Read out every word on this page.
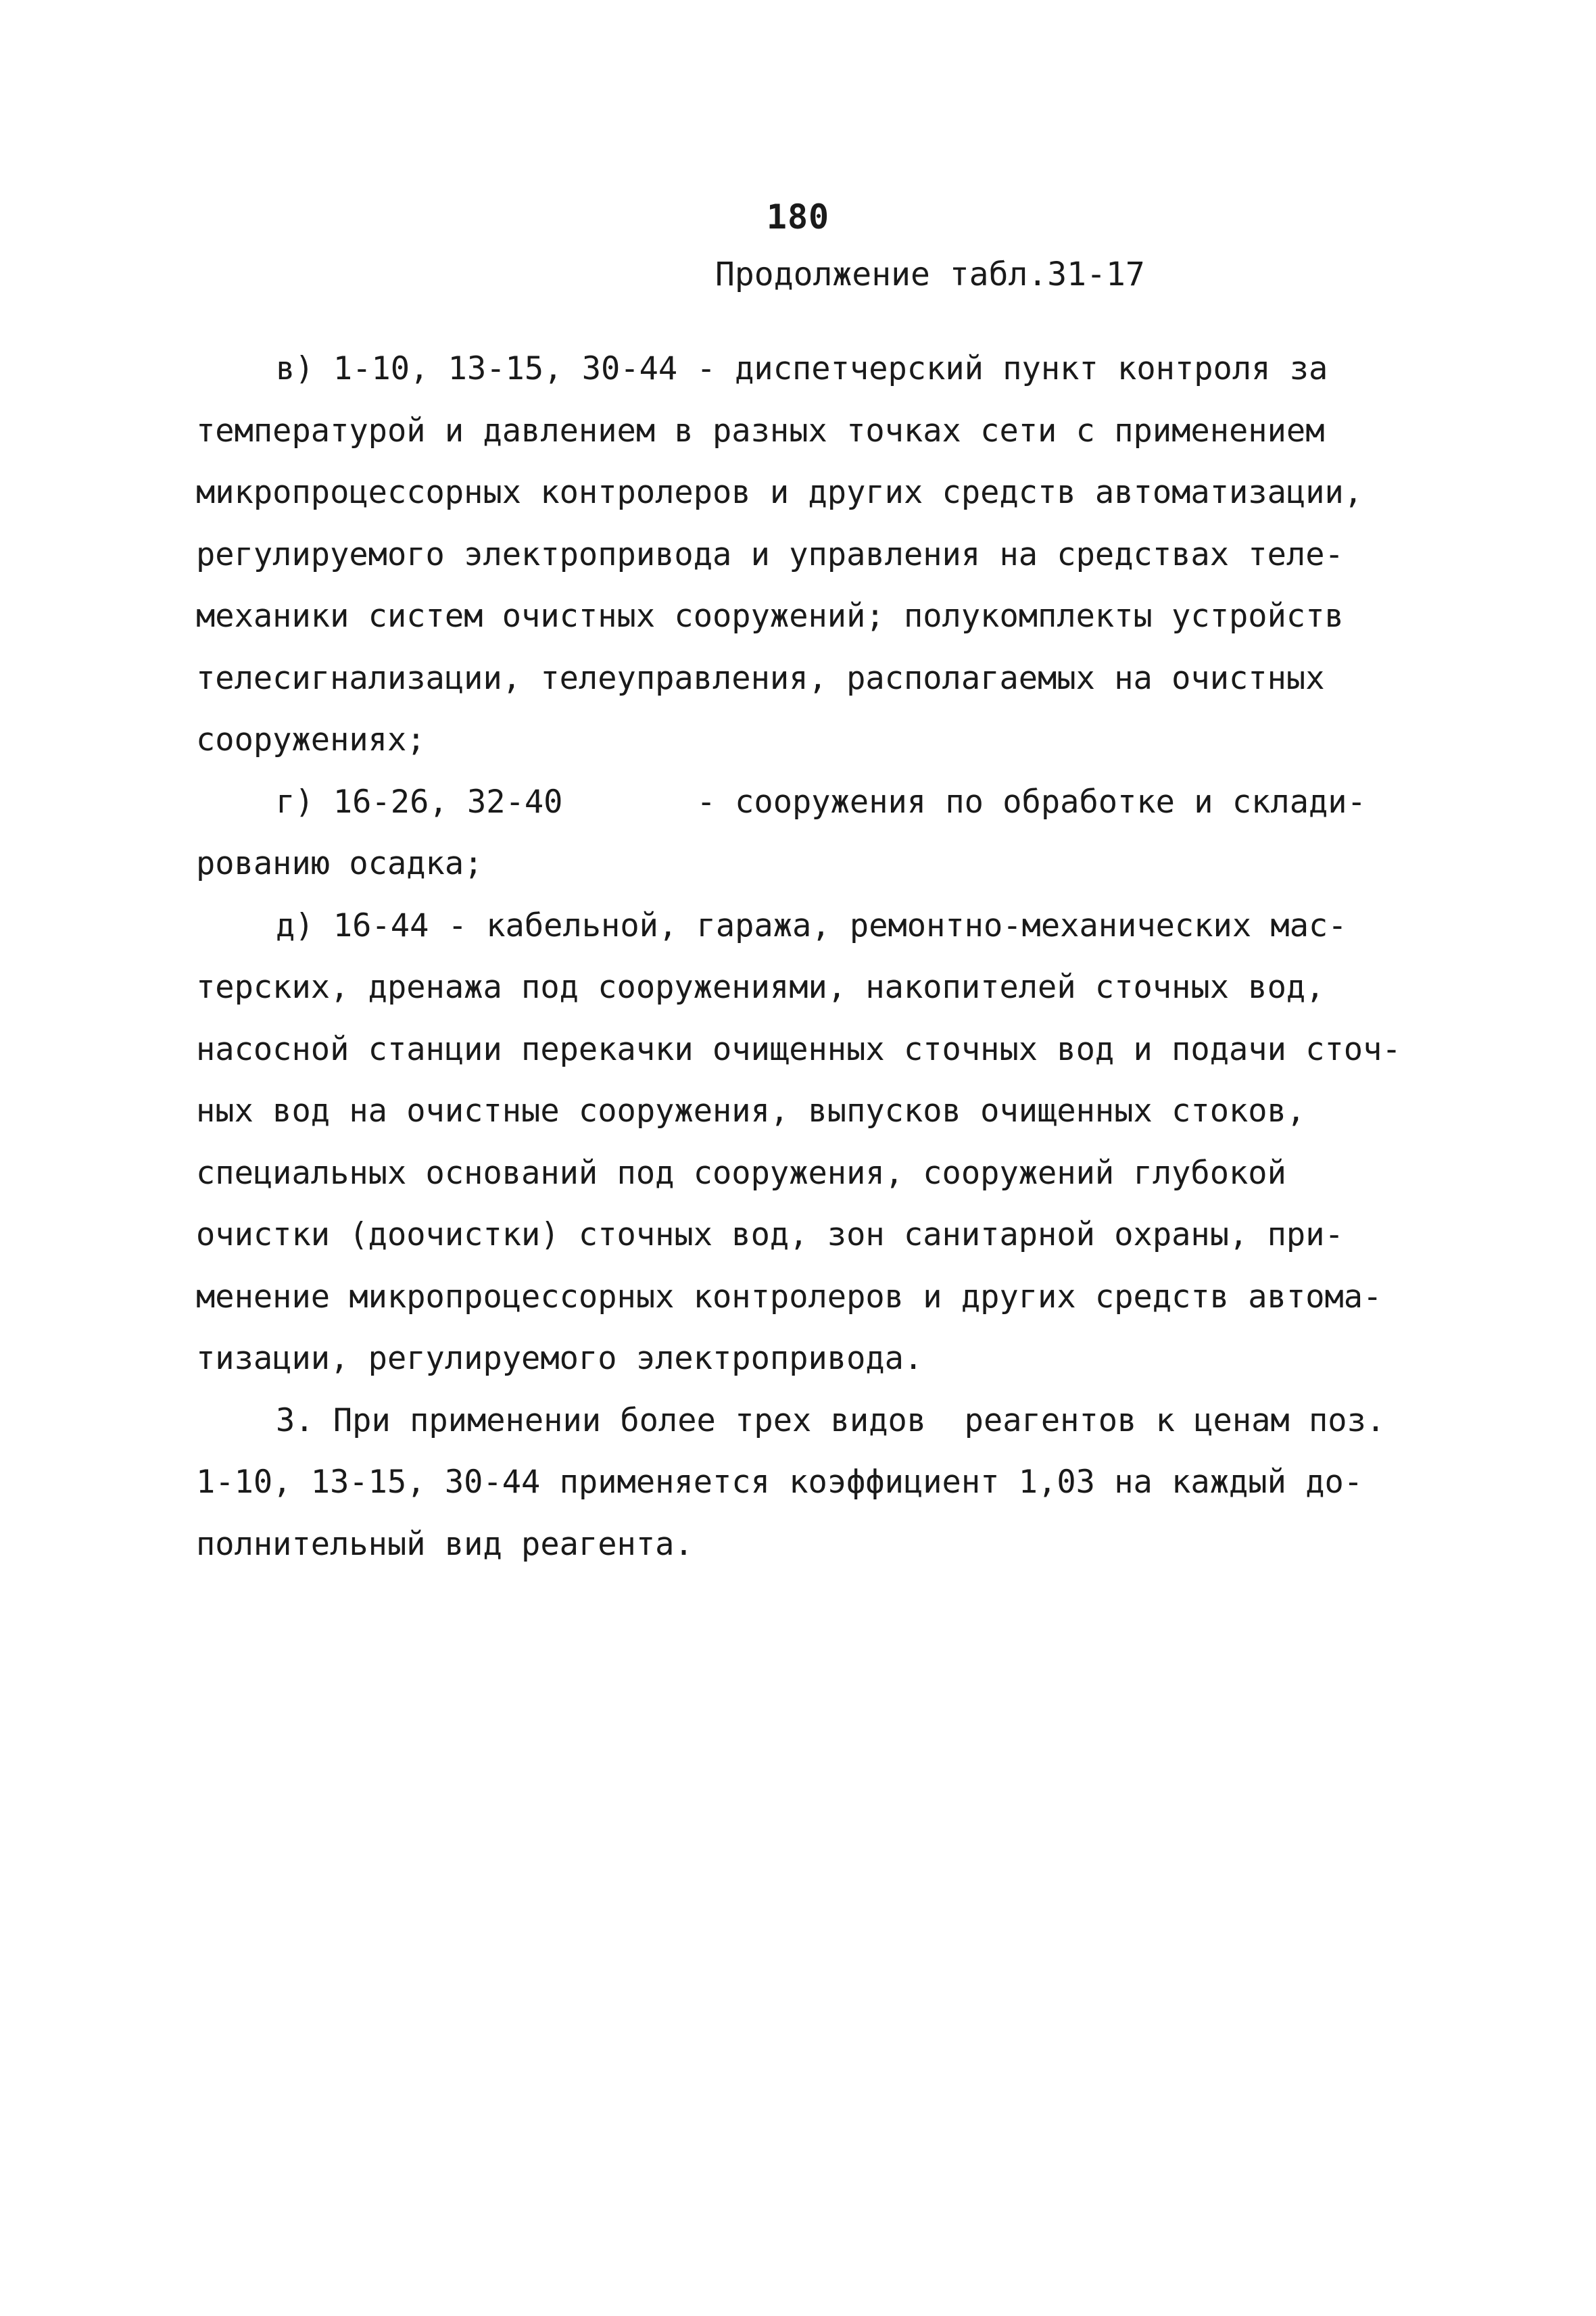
180
Продолжение табл.31-17
в) 1-10, 13-15, 30-44 - диспетчерский пункт контроля за
температурой и давлением в разных точках сети с применением
микропроцессорных контролеров и других средств автоматизации,
регулируемого электропривода и управления на средствах теле-
механики систем очистных сооружений; полукомплекты устройств
телесигнализации, телеуправления, располагаемых на очистных
сооружениях;
г) 16-26, 32-40       - сооружения по обработке и склади-
рованию осадка;
д) 16-44 - кабельной, гаража, ремонтно-механических мас-
терских, дренажа под сооружениями, накопителей сточных вод,
насосной станции перекачки очищенных сточных вод и подачи сточ-
ных вод на очистные сооружения, выпусков очищенных стоков,
специальных оснований под сооружения, сооружений глубокой
очистки (доочистки) сточных вод, зон санитарной охраны, при-
менение микропроцессорных контролеров и других средств автома-
тизации, регулируемого электропривода.
3. При применении более трех видов  реагентов к ценам поз.
1-10, 13-15, 30-44 применяется коэффициент 1,03 на каждый до-
полнительный вид реагента.
